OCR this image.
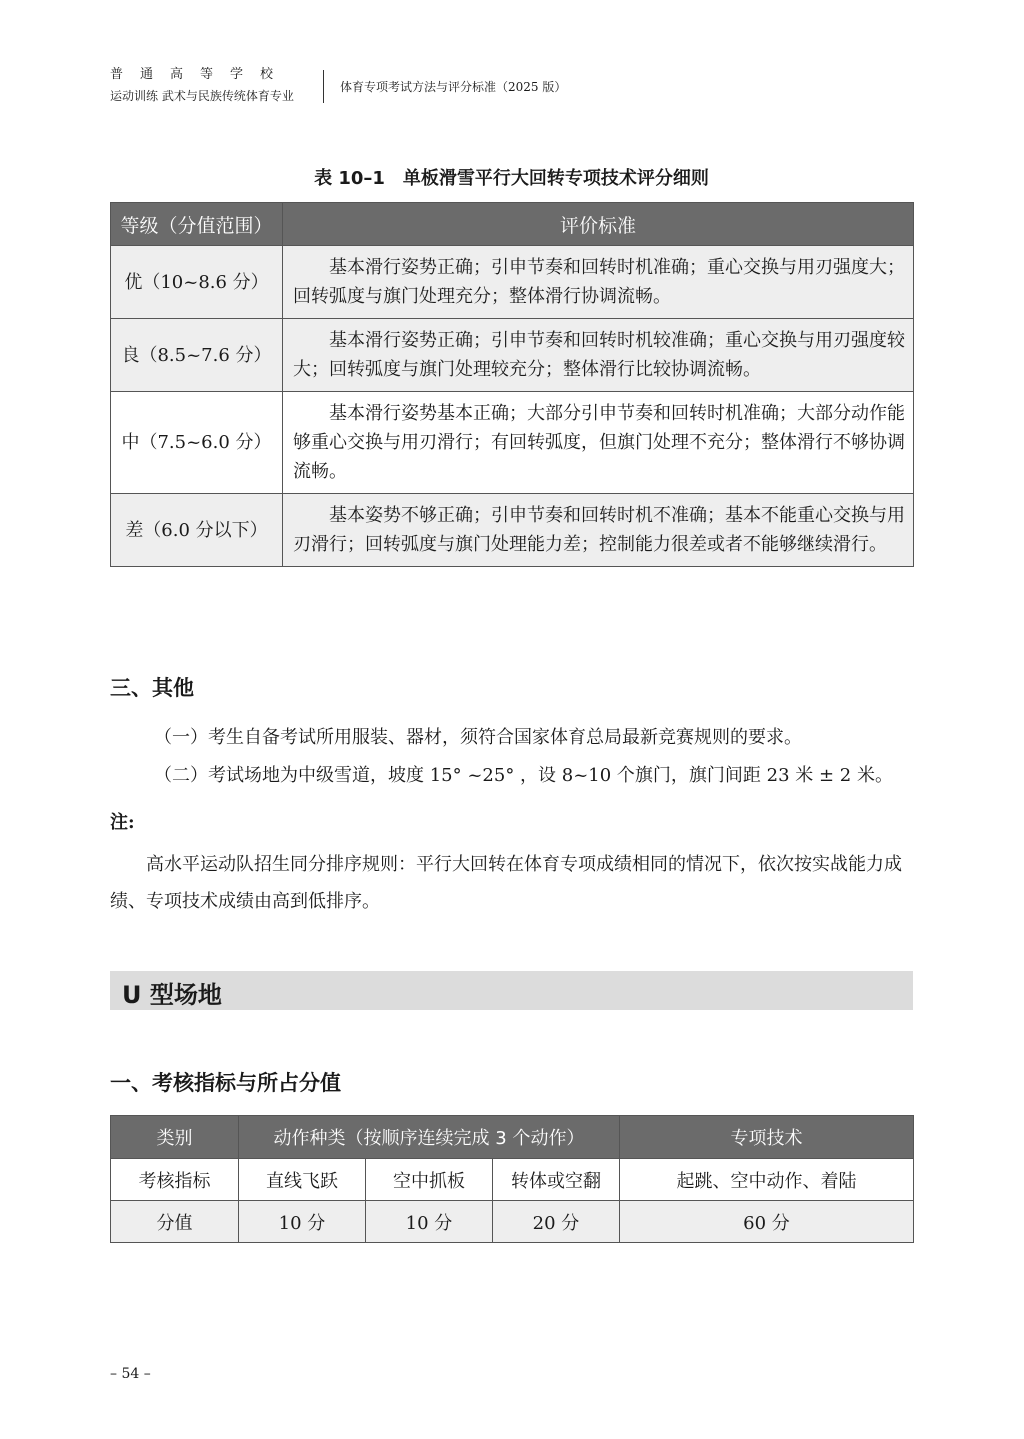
普通高等学校
运动训练 武术与民族传统体育专业
体育专项考试方法与评分标准（2025 版）
表 10–1　单板滑雪平行大回转专项技术评分细则
等级（分值范围）	评价标准
优（10~8.6 分）	基本滑行姿势正确；引申节奏和回转时机准确；重心交换与用刃强度大；回转弧度与旗门处理充分；整体滑行协调流畅。

良（8.5~7.6 分）	基本滑行姿势正确；引申节奏和回转时机较准确；重心交换与用刃强度较大；回转弧度与旗门处理较充分；整体滑行比较协调流畅。

中（7.5~6.0 分）	基本滑行姿势基本正确；大部分引申节奏和回转时机准确；大部分动作能够重心交换与用刃滑行；有回转弧度，但旗门处理不充分；整体滑行不够协调流畅。

差（6.0 分以下）	基本姿势不够正确；引申节奏和回转时机不准确；基本不能重心交换与用刃滑行；回转弧度与旗门处理能力差；控制能力很差或者不能够继续滑行。
三、其他
（一）考生自备考试所用服装、器材，须符合国家体育总局最新竞赛规则的要求。
（二）考试场地为中级雪道，坡度 15° ~25° ，设 8~10 个旗门，旗门间距 23 米 ± 2 米。
注:
高水平运动队招生同分排序规则：平行大回转在体育专项成绩相同的情况下，依次按实战能力成绩、专项技术成绩由高到低排序。
U 型场地
一、考核指标与所占分值
类别	动作种类（按顺序连续完成 3 个动作）			专项技术
考核指标	直线飞跃	空中抓板	转体或空翻	起跳、空中动作、着陆
分值	10 分	10 分	20 分	60 分
– 54 –
